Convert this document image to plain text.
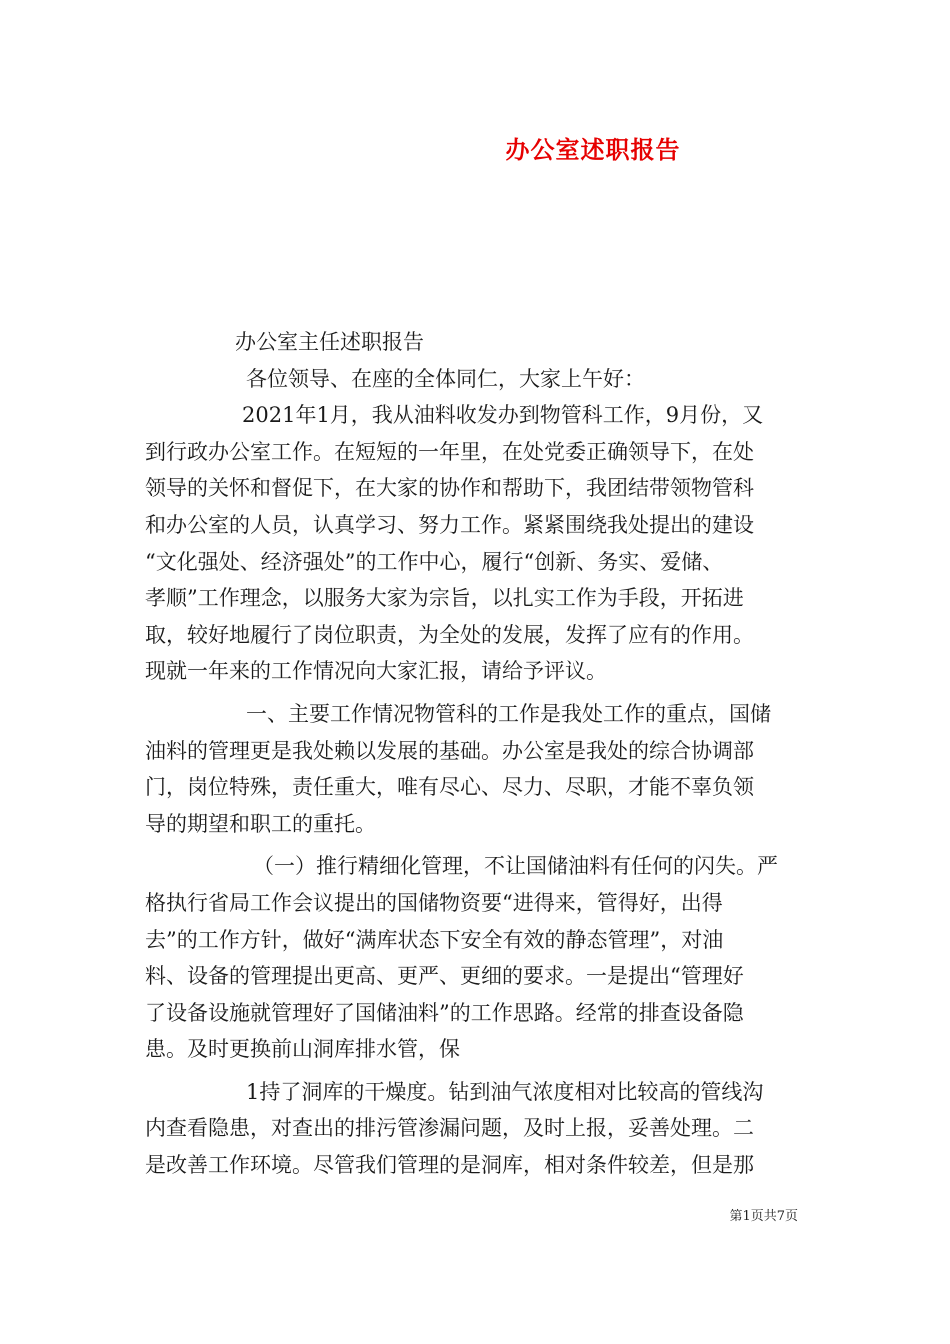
办公室述职报告
办公室主任述职报告
各位领导、在座的全体同仁，大家上午好：
2021年1月，我从油料收发办到物管科工作，9月份，又
到行政办公室工作。在短短的一年里，在处党委正确领导下，在处
领导的关怀和督促下，在大家的协作和帮助下，我团结带领物管科
和办公室的人员，认真学习、努力工作。紧紧围绕我处提出的建设
“文化强处、经济强处”的工作中心，履行“创新、务实、爱储、
孝顺”工作理念，以服务大家为宗旨，以扎实工作为手段，开拓进
取，较好地履行了岗位职责，为全处的发展，发挥了应有的作用。
现就一年来的工作情况向大家汇报，请给予评议。
一、主要工作情况物管科的工作是我处工作的重点，国储
油料的管理更是我处赖以发展的基础。办公室是我处的综合协调部
门，岗位特殊，责任重大，唯有尽心、尽力、尽职，才能不辜负领
导的期望和职工的重托。
（一）推行精细化管理，不让国储油料有任何的闪失。严
格执行省局工作会议提出的国储物资要“进得来，管得好，出得
去”的工作方针，做好“满库状态下安全有效的静态管理”，对油
料、设备的管理提出更高、更严、更细的要求。一是提出“管理好
了设备设施就管理好了国储油料”的工作思路。经常的排查设备隐
患。及时更换前山洞库排水管，保
1持了洞库的干燥度。钻到油气浓度相对比较高的管线沟
内查看隐患，对查出的排污管渗漏问题，及时上报，妥善处理。二
是改善工作环境。尽管我们管理的是洞库，相对条件较差，但是那
第1页共7页
